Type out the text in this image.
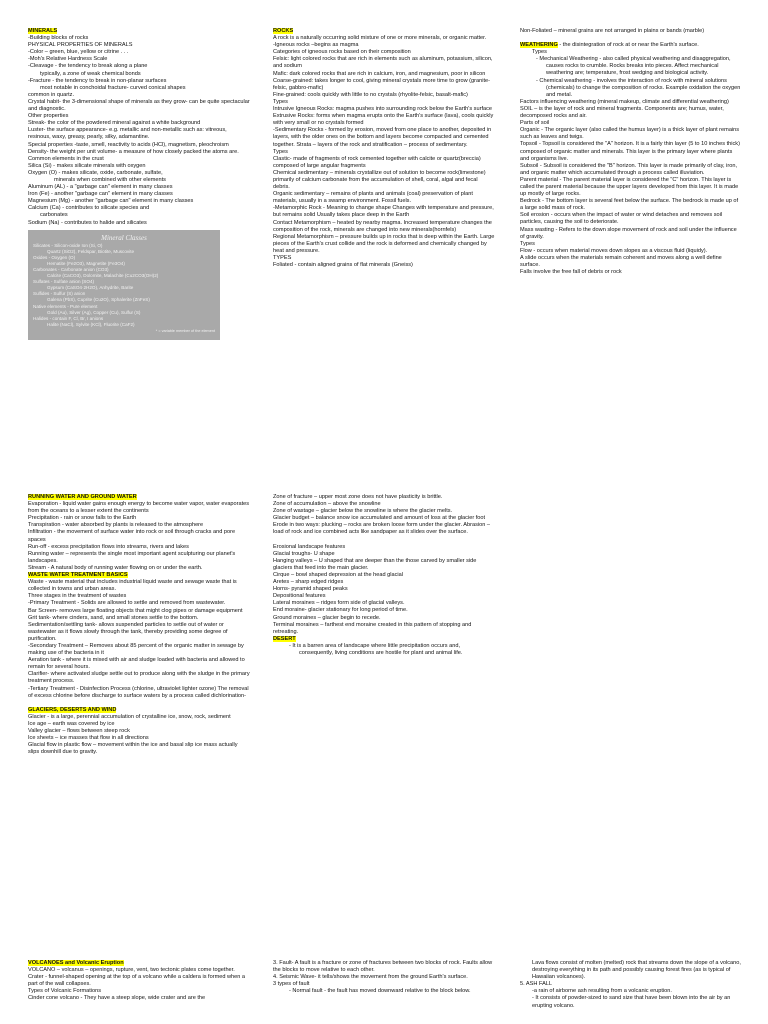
MINERALS

-Building blocks of rocks

PHYSICAL PROPERTIES OF MINERALS

-Color – green, blue, yellow or citrine . . .

-Moh's Relative Hardness Scale

-Cleavage - the tendency to break along a plane

typically, a zone of weak chemical bonds

-Fracture - the tendency to break in non-planar surfaces

most notable in conchoidal fracture- curved conical shapes

common in quartz.

Crystal habit- the 3-dimensional shape of minerals as they grow- can be quite spectacular and diagnostic.

Other properties

Streak- the color of the powdered mineral against a white background

Luster- the surface appearance- e.g. metallic and non-metallic such as: vitreous, resinous, waxy, greasy, pearly, silky, adamantine.

Special properties -taste, smell, reactivity to acids (HCl), magnetism, pleochroism

Density- the weight per unit volume- a measure of how closely packed the atoms are.

Common elements in the crust

Silica (Si) - makes silicate minerals with oxygen

Oxygen (O) - makes silicate, oxide, carbonate, sulfate,

minerals when combined with other elements

Aluminum (AL) - a "garbage can" element in many classes

Iron (Fe) - another "garbage can" element in many classes

Magnesium (Mg) - another "garbage can" element in many classes

Calcium (Ca) - contributes to silicate species and

carbonates

Sodium (Na) - contributes to halide and silicates

Mineral Classes
Silicates - Silicon-oxide Ion (Si, O)
Quartz (SiO2), Feldspar, Biotite, Muscovite
Oxides - Oxygen (O)
Hematite (Fe2O3), Magnetite (Fe3O4)
Carbonates - Carbonate anion (CO3)
Calcite (CaCO3), Dolomite, Malachite (Cu2CO3(OH)2)
Sulfates - Sulfate anion (SO4)
Gypsum (CaSO4·2H2O), Anhydrite, Barite
Sulfides - Sulfur (S) anion
Galena (PbS), Cuprite (Cu2O), Sphalerite (ZnFeS)
Native elements - Pure element
Gold (Au), Silver (Ag), Copper (Cu), Sulfur (S)
Halides - contain F, Cl, Br, I anions
Halite (NaCl), Sylvite (KCl), Fluorite (CaF2)
* = variable member of the element

ROCKS

A rock is a naturally occurring solid mixture of one or more minerals, or organic matter.

-Igneous rocks –begins as magma

Categories of igneous rocks based on their composition

Felsic: light colored rocks that are rich in elements such as aluminum, potassium, silicon, and sodium

Mafic: dark colored rocks that are rich in calcium, iron, and magnesium, poor in silicon

Coarse-grained: takes longer to cool, giving mineral crystals more time to grow (granite-felsic, gabbro-mafic)

Fine-grained: cools quickly with little to no crystals (rhyolite-felsic, basalt-mafic)

Types

Intrusive Igneous Rocks: magma pushes into surrounding rock below the Earth's surface

Extrusive Rocks: forms when magma erupts onto the Earth's surface (lava), cools quickly with very small or no crystals formed

-Sedimentary Rocks - formed by erosion, moved from one place to another, deposited in layers, with the older ones on the bottom and layers become compacted and cemented together. Strata – layers of the rock and stratification – process of sedimentary.

Types

Clastic- made of fragments of rock cemented together with calcite or quartz(breccia) composed of large angular fragments

Chemical sedimentary – minerals crystallize out of solution to become rock(limestone) primarily of calcium carbonate from the accumulation of shell, coral, algal and fecal debris.

Organic sedimentary – remains of plants and animals (coal) preservation of plant materials, usually in a swamp environment. Fossil fuels.

-Metamorphic Rock - Meaning to change shape Changes with temperature and pressure, but remains solid Usually takes place deep in the Earth

Contact Metamorphism – heated by nearby magma. Increased temperature changes the composition of the rock, minerals are changed into new minerals(hornfels)

Regional Metamorphism – pressure builds up in rocks that is deep within the Earth. Large pieces of the Earth's crust collide and the rock is deformed and chemically changed by heat and pressure.

TYPES

Foliated - contain aligned grains of flat minerals (Gneiss)

Non-Foliated – mineral grains are not arranged in plains or bands (marble)

WEATHERING - the disintegration of rock at or near the Earth's surface.

Types

- Mechanical Weathering - also called physical weathering and disaggregation, causes rocks to crumble. Rocks breaks into pieces. Affect mechanical weathering are; temperature, frost wedging and biological activity.

- Chemical weathering - involves the interaction of rock with mineral solutions (chemicals) to change the composition of rocks. Example oxidation the oxygen and metal.

Factors influencing weathering (mineral makeup, climate and differential weathering)

SOIL – is the layer of rock and mineral fragments. Components are; humus, water, decomposed rocks and air.

Parts of soil

Organic - The organic layer (also called the humus layer) is a thick layer of plant remains such as leaves and twigs.

Topsoil - Topsoil is considered the "A" horizon. It is a fairly thin layer (5 to 10 inches thick) composed of organic matter and minerals. This layer is the primary layer where plants and organisms live.

Subsoil - Subsoil is considered the "B" horizon. This layer is made primarily of clay, iron, and organic matter which accumulated through a process called illuviation.

Parent material - The parent material layer is considered the "C" horizon. This layer is called the parent material because the upper layers developed from this layer. It is made up mostly of large rocks.

Bedrock - The bottom layer is several feet below the surface. The bedrock is made up of a large solid mass of rock.

Soil erosion - occurs when the impact of water or wind detaches and removes soil particles, causing the soil to deteriorate.

Mass wasting - Refers to the down slope movement of rock and soil under the influence of gravity.

Types

Flow - occurs when material moves down slopes as a viscous fluid (liquidy).

A slide occurs when the materials remain coherent and moves along a well define surface.

Falls involve the free fall of debris or rock

RUNNING WATER AND GROUND WATER

Evaporation - liquid water gains enough energy to become water vapor, water evaporates from the oceans to a lesser extent the continents

Precipitation - rain or snow falls to the Earth

Transpiration - water absorbed by plants is released to the atmosphere

Infiltration - the movement of surface water into rock or soil through cracks and pore spaces

Run-off - excess precipitation flows into streams, rivers and lakes

Running water – represents the single most important agent sculpturing our planet's landscapes.

Stream - A natural body of running water flowing on or under the earth.

WASTE WATER TREATMENT BASICS

Waste - waste material that includes industrial liquid waste and sewage waste that is collected in towns and urban areas.

Three stages in the treatment of wastes

-Primary Treatment - Solids are allowed to settle and removed from wastewater.

Bar Screen- removes large floating objects that might clog pipes or damage equipment

Grit tank- where cinders, sand, and small stones settle to the bottom.

Sedimentation/settling tank- allows suspended particles to settle out of water or wastewater as it flows slowly through the tank, thereby providing some degree of purification.

-Secondary Treatment – Removes about 85 percent of the organic matter in sewage by making use of the bacteria in it

Aeration tank - where it is mixed with air and sludge loaded with bacteria and allowed to remain for several hours.

Clarifier- where activated sludge settle out to produce along with the sludge in the primary treatment process.

-Tertiary Treatment - Disinfection Process (chlorine, ultraviolet lighter ozone) The removal of excess chlorine before discharge to surface waters by a process called dichlorination-

GLACIERS, DESERTS AND WIND

Glacier - is a large, perennial accumulation of crystalline ice, snow, rock, sediment

Ice age – earth was covered by ice

Valley glacier – flows between steep rock

Ice sheets – ice masses that flow in all directions

Glacial flow in plastic flow – movement within the ice and basal slip ice mass actually slips downhill due to gravity.

Zone of fracture – upper most zone does not have plasticity is brittle.

Zone of accumulation – above the snowline

Zone of wastage – glacier below the snowline is where the glacier melts.

Glacier budget – balance snow ice accumulated and amount of loss at the glacier foot

Erode in two ways: plucking – rocks are broken loose form under the glacier. Abrasion – load of rock and ice combined acts like sandpaper as it slides over the surface.

Erosional landscape features

Glacial troughs- U shape

Hanging valleys – U shaped that are deeper than the those carved by smaller side glaciers that feed into the main glacier.

Cirque – bowl shaped depression at the head glacial

Aretes – sharp edged ridges

Horns- pyramid shaped peaks

Depositional features

Lateral moraines – ridges form side of glacial valleys.

End moraine- glacier stationary for long period of time.

Ground moraines – glacier begin to recede.

Terminal moraines – farthest end moraine created in this pattern of stopping and retreating.

DESERT

- It is a barren area of landscape where little precipitation occurs and, consequently, living conditions are hostile for plant and animal life.

VOLCANOES and Volcanic Eruption

VOLCANO – volcanus – openings, rupture, vent, two tectonic plates come together.

Crater - funnel-shaped opening at the top of a volcano while a caldera is formed when a part of the wall collapses.

Types of Volcanic Formations

Cinder cone volcano - They have a steep slope, wide crater and are the

3. Fault- A fault is a fracture or zone of fractures between two blocks of rock. Faults allow the blocks to move relative to each other.

4. Seismic Wave- it tells/shows the movement from the ground Earth's surface.

3 types of fault

- Normal fault - the fault has moved downward relative to the block below.

Lava flows consist of molten (melted) rock that streams down the slope of a volcano, destroying everything in its path and possibly causing forest fires (as is typical of Hawaiian volcanoes).

5. ASH FALL

-a rain of airborne ash resulting from a volcanic eruption.

- It consists of powder-sized to sand size that have been blown into the air by an erupting volcano.
